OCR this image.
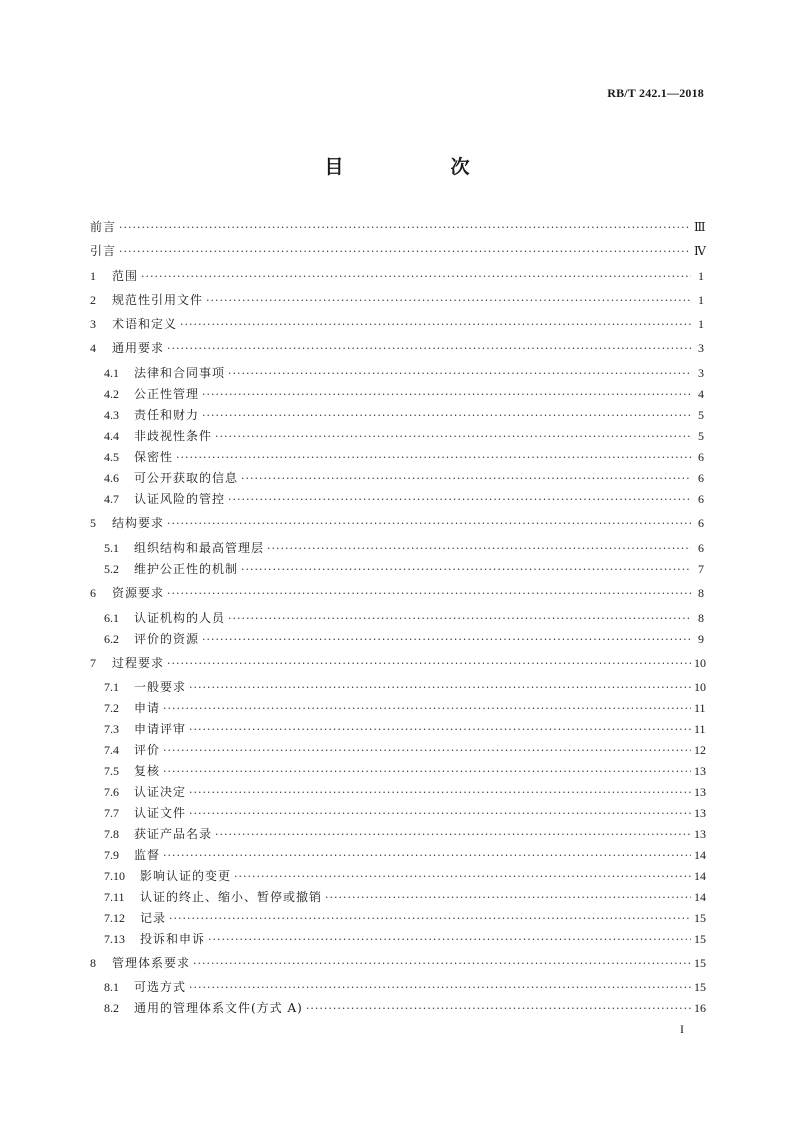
RB/T 242.1—2018
目　次
前言 ·····	Ⅲ
引言 ·····	Ⅳ
1	范围 ·····	1
2	规范性引用文件 ·····	1
3	术语和定义 ·····	1
4	通用要求 ·····	3
4.1	法律和合同事项 ·····	3
4.2	公正性管理 ·····	4
4.3	责任和财力 ·····	5
4.4	非歧视性条件 ·····	5
4.5	保密性 ·····	6
4.6	可公开获取的信息 ·····	6
4.7	认证风险的管控 ·····	6
5	结构要求 ·····	6
5.1	组织结构和最高管理层 ·····	6
5.2	维护公正性的机制 ·····	7
6	资源要求 ·····	8
6.1	认证机构的人员 ·····	8
6.2	评价的资源 ·····	9
7	过程要求 ·····	10
7.1	一般要求 ·····	10
7.2	申请 ·····	11
7.3	申请评审 ·····	11
7.4	评价 ·····	12
7.5	复核 ·····	13
7.6	认证决定 ·····	13
7.7	认证文件 ·····	13
7.8	获证产品名录 ·····	13
7.9	监督 ·····	14
7.10	影响认证的变更 ·····	14
7.11	认证的终止、缩小、暂停或撤销 ·····	14
7.12	记录 ·····	15
7.13	投诉和申诉 ·····	15
8	管理体系要求 ·····	15
8.1	可选方式 ·····	15
8.2	通用的管理体系文件(方式 A) ·····	16
I
